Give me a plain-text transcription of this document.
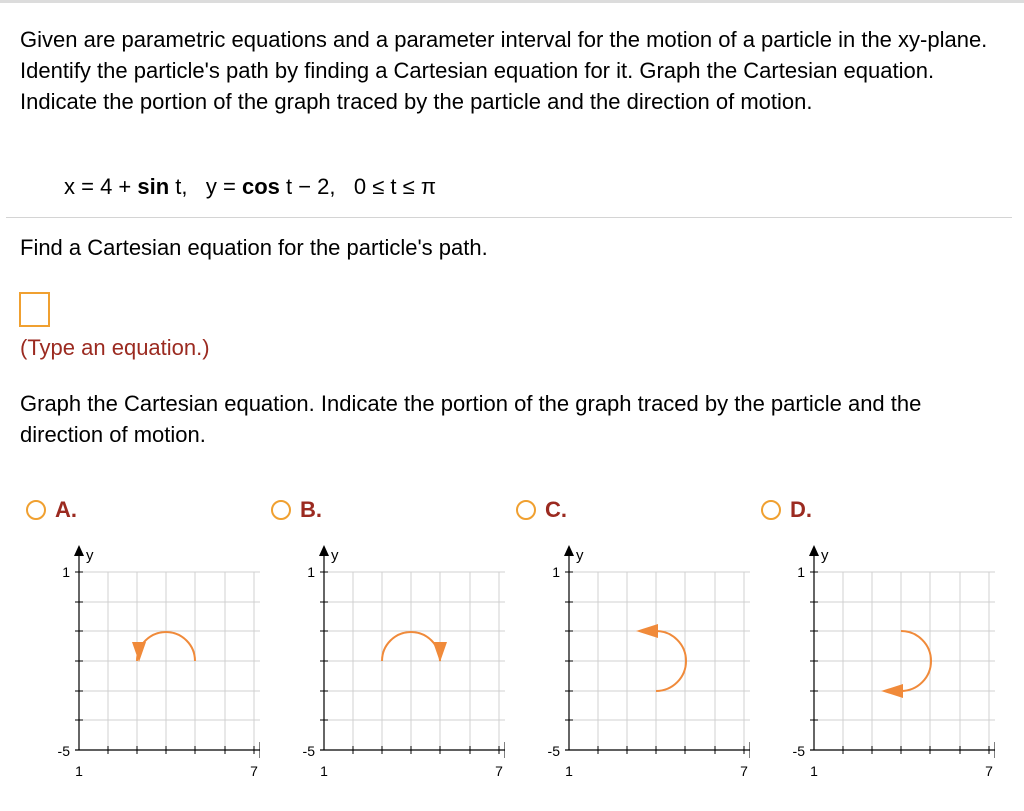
Given are parametric equations and a parameter interval for the motion of a particle in the xy-plane. Identify the particle's path by finding a Cartesian equation for it. Graph the Cartesian equation. Indicate the portion of the graph traced by the particle and the direction of motion.
x = 4 + sin t, y = cos t − 2, 0 ≤ t ≤ π
Find a Cartesian equation for the particle's path.
(Type an equation.)
Graph the Cartesian equation. Indicate the portion of the graph traced by the particle and the direction of motion.
A.	B.	C.	D.
y
1
-5
1	7
y
1
-5
1	7
y
1
-5
1	7
y
1
-5
1	7
